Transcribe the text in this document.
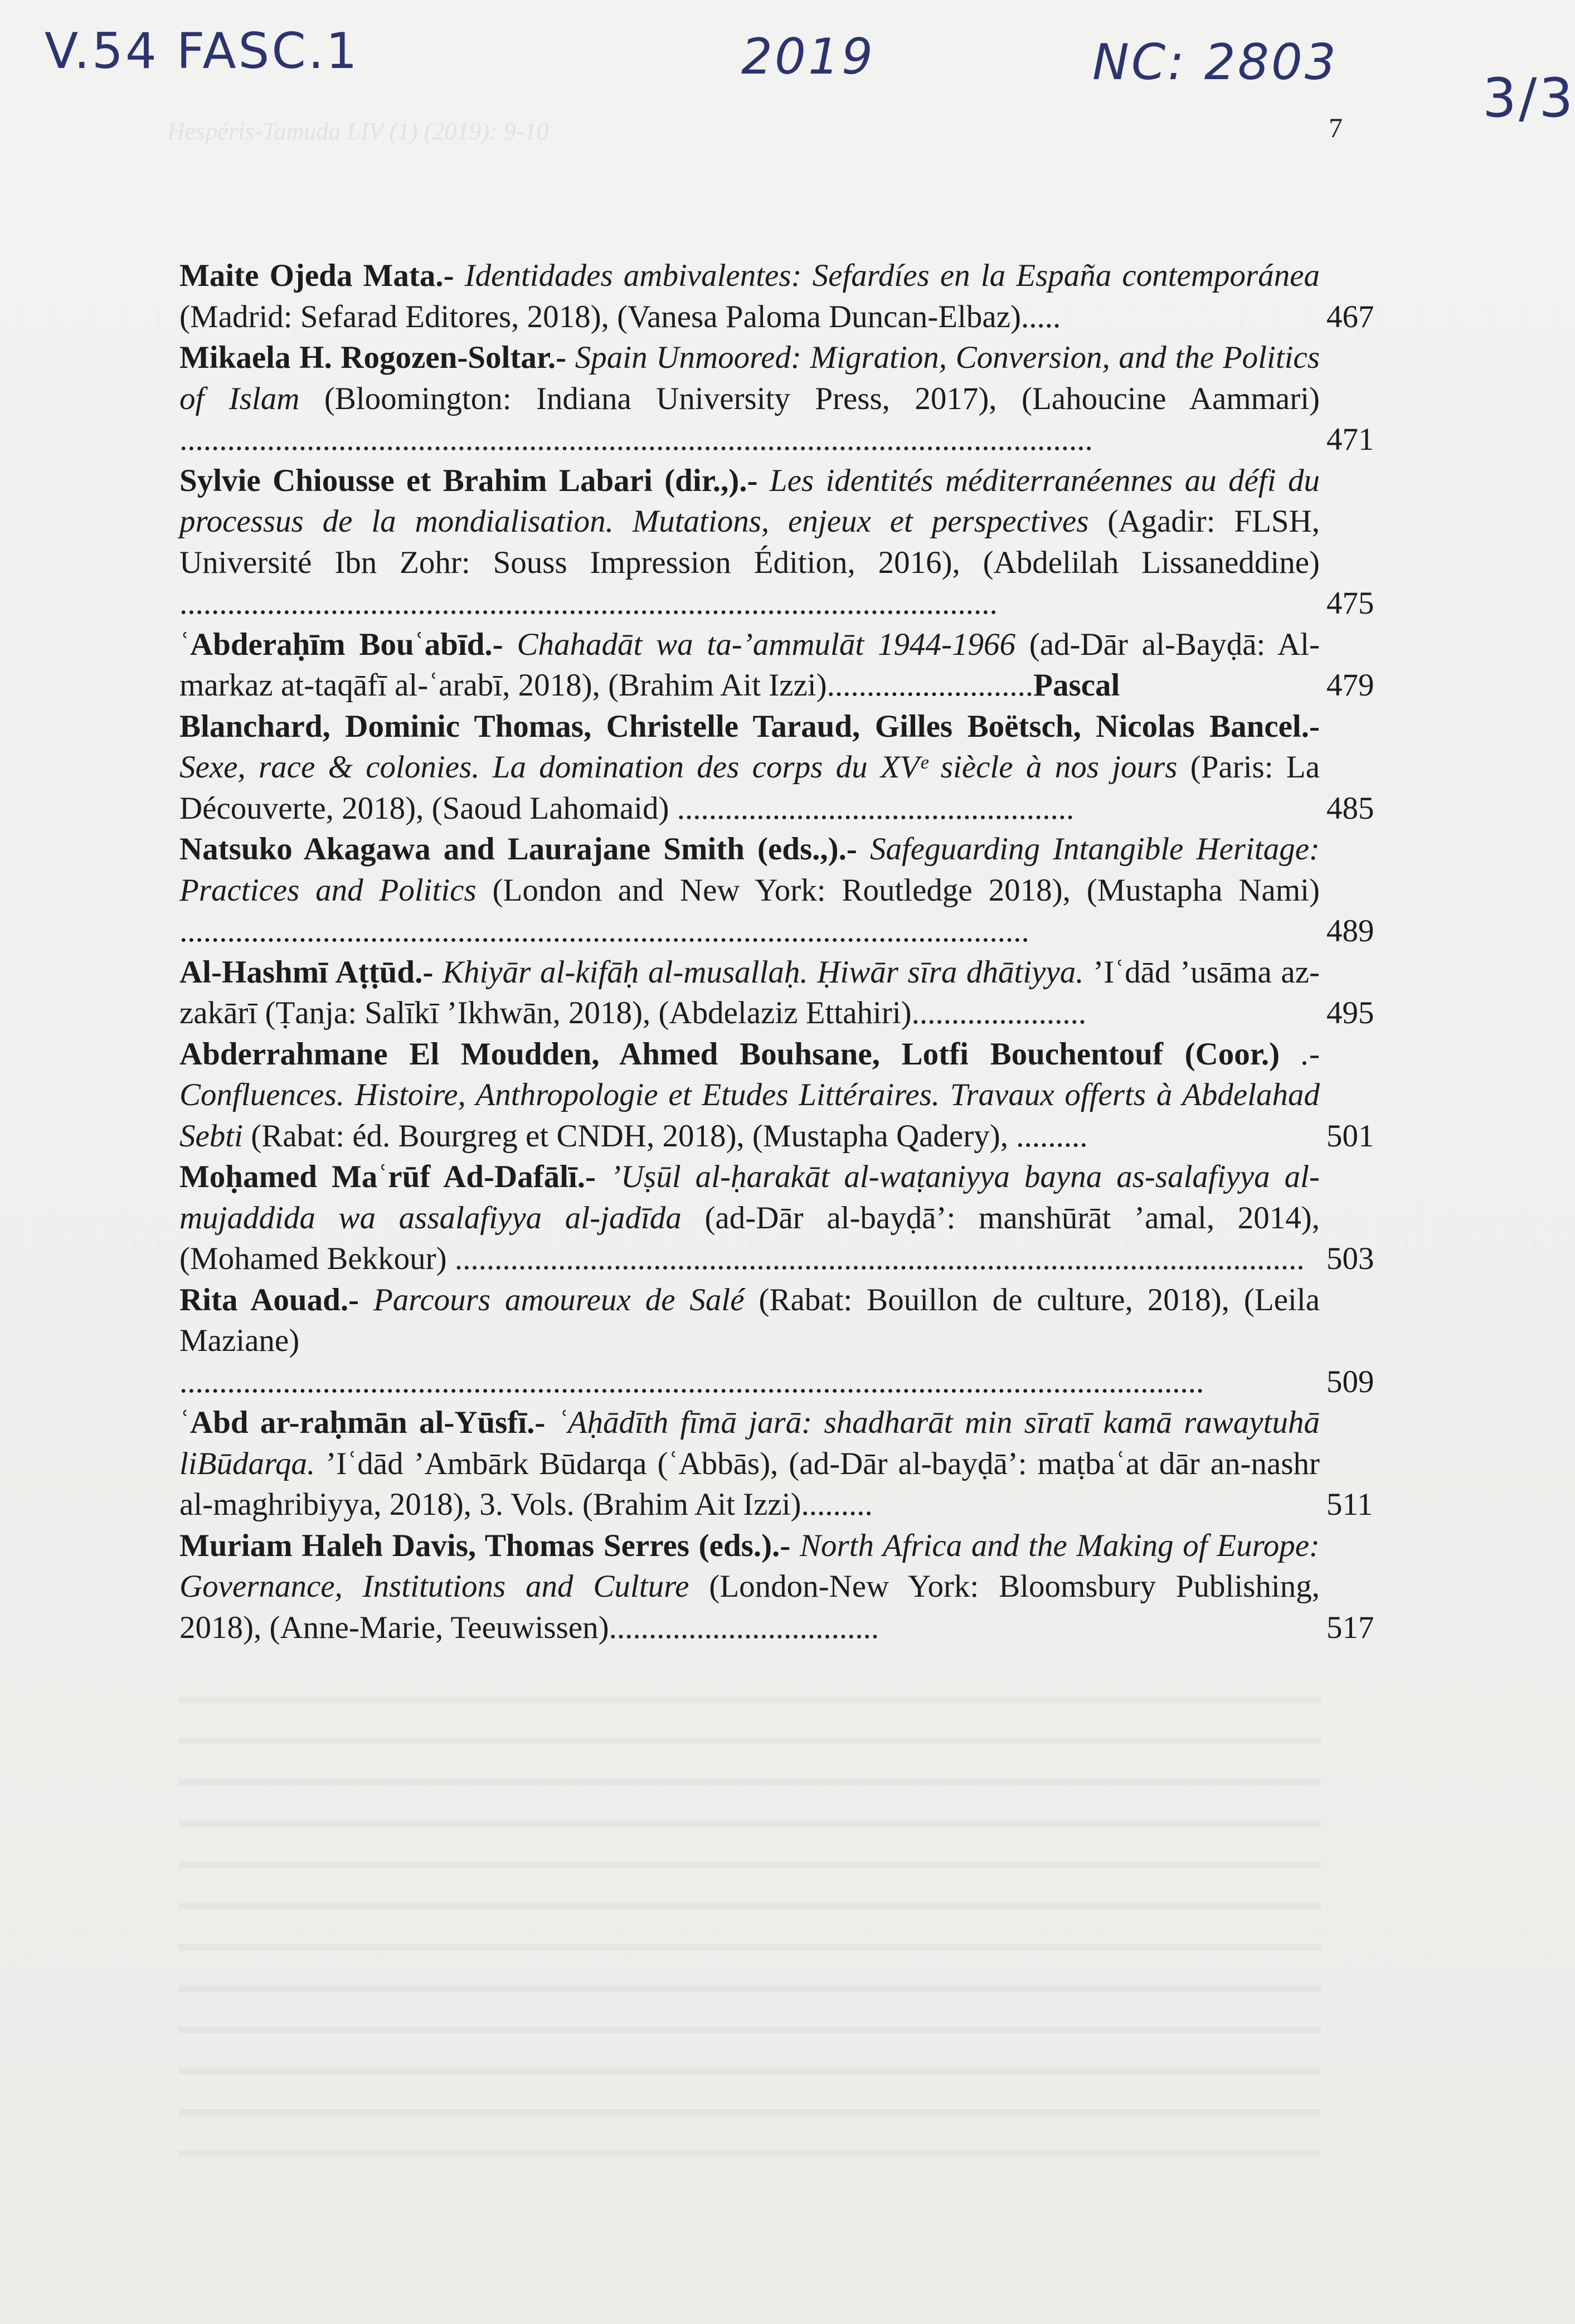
Hespéris-Tamuda LIV (1) (2019): 9-10
V.54 FASC.1	2019	NC: 2803
3/3
7
Maite Ojeda Mata.- Identidades ambivalentes: Sefardíes en la España contemporánea (Madrid: Sefarad Editores, 2018), (Vanesa Paloma Duncan-Elbaz).....	467
Mikaela H. Rogozen-Soltar.- Spain Unmoored: Migration, Conversion, and the Politics of Islam (Bloomington: Indiana University Press, 2017), (Lahoucine Aammari) ...................................................................................................................	471
Sylvie Chiousse et Brahim Labari (dir.,).- Les identités méditerranéennes au défi du processus de la mondialisation. Mutations, enjeux et perspectives (Agadir: FLSH, Université Ibn Zohr: Souss Impression Édition, 2016), (Abdelilah Lissaneddine) .......................................................................................................	475
ʿAbderaḥīm Bouʿabīd.- Chahadāt wa ta-’ammulāt 1944-1966 (ad-Dār al-Bayḍā: Al-markaz at-taqāfī al-ʿarabī, 2018), (Brahim Ait Izzi)..........................Pascal	479
Blanchard, Dominic Thomas, Christelle Taraud, Gilles Boëtsch, Nicolas Bancel.- Sexe, race & colonies. La domination des corps du XVᵉ siècle à nos jours (Paris: La Découverte, 2018), (Saoud Lahomaid) ..................................................	485
Natsuko Akagawa and Laurajane Smith (eds.,).- Safeguarding Intangible Heritage: Practices and Politics (London and New York: Routledge 2018), (Mustapha Nami) ...........................................................................................................	489
Al-Hashmī Aṭṭūd.- Khiyār al-kifāḥ al-musallaḥ. Ḥiwār sīra dhātiyya. ’Iʿdād ’usāma az-zakārī (Ṭanja: Salīkī ’Ikhwān, 2018), (Abdelaziz Ettahiri)......................	495
Abderrahmane El Moudden, Ahmed Bouhsane, Lotfi Bouchentouf (Coor.) .- Confluences. Histoire, Anthropologie et Etudes Littéraires. Travaux offerts à Abdelahad Sebti (Rabat: éd. Bourgreg et CNDH, 2018), (Mustapha Qadery), .........	501
Moḥamed Maʿrūf Ad-Dafālī.- ’Uṣūl al-ḥarakāt al-waṭaniyya bayna as-salafiyya al-mujaddida wa assalafiyya al-jadīda (ad-Dār al-bayḍā’: manshūrāt ’amal, 2014), (Mohamed Bekkour) ........................................................................................................... 503
Rita Aouad.- Parcours amoureux de Salé (Rabat: Bouillon de culture, 2018), (Leila Maziane) .................................................................................................................................	509
ʿAbd ar-raḥmān al-Yūsfī.- ʿAḥādīth fīmā jarā: shadharāt min sīratī kamā rawaytuhā liBūdarqa. ’Iʿdād ’Ambārk Būdarqa (ʿAbbās), (ad-Dār al-bayḍā’: maṭbaʿat dār an-nashr al-maghribiyya, 2018), 3. Vols. (Brahim Ait Izzi).........	511
Muriam Haleh Davis, Thomas Serres (eds.).- North Africa and the Making of Europe: Governance, Institutions and Culture (London-New York: Bloomsbury Publishing, 2018), (Anne-Marie, Teeuwissen)..................................	517
